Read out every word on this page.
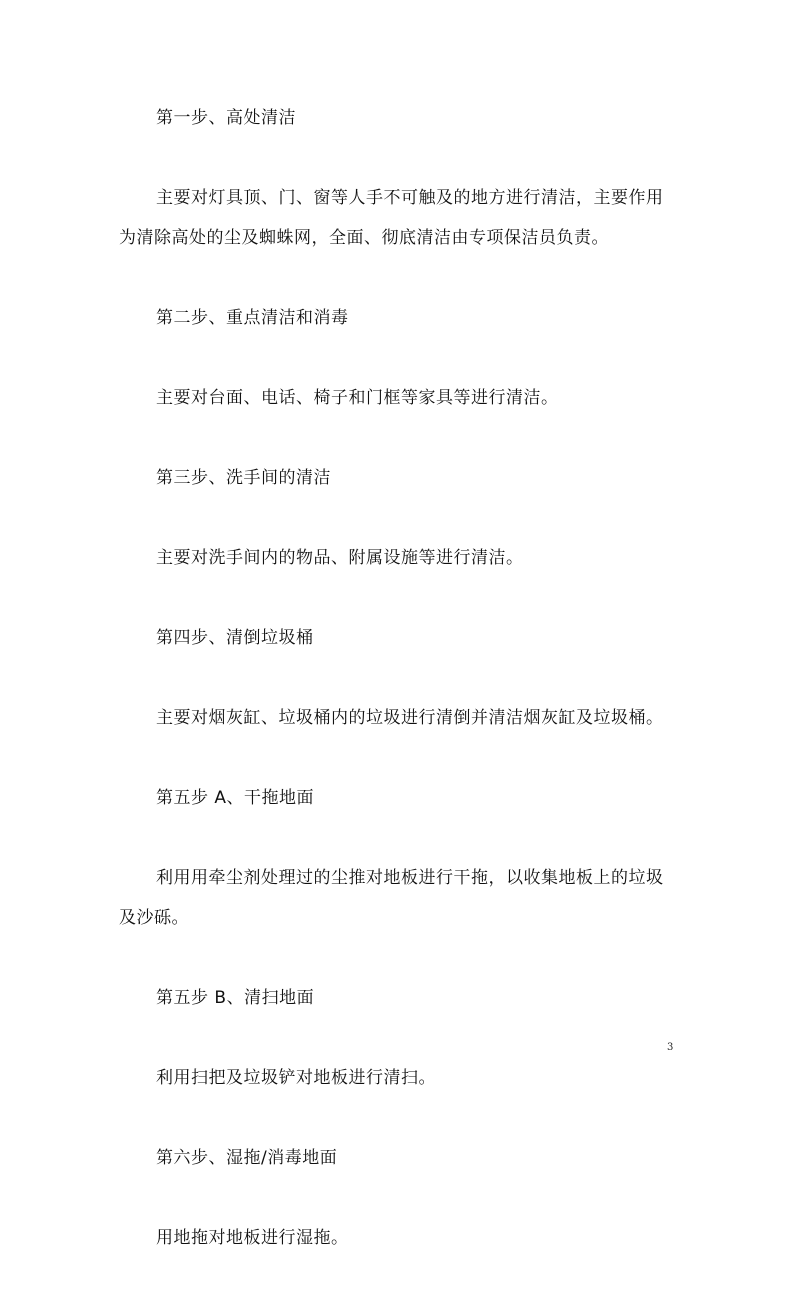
第一步、高处清洁

主要对灯具顶、门、窗等人手不可触及的地方进行清洁，主要作用为清除高处的尘及蜘蛛网，全面、彻底清洁由专项保洁员负责。

第二步、重点清洁和消毒

主要对台面、电话、椅子和门框等家具等进行清洁。

第三步、洗手间的清洁

主要对洗手间内的物品、附属设施等进行清洁。

第四步、清倒垃圾桶

主要对烟灰缸、垃圾桶内的垃圾进行清倒并清洁烟灰缸及垃圾桶。

第五步 A、干拖地面

利用用牵尘剂处理过的尘推对地板进行干拖，以收集地板上的垃圾及沙砾。

第五步 B、清扫地面

利用扫把及垃圾铲对地板进行清扫。

第六步、湿拖/消毒地面

用地拖对地板进行湿拖。

3
